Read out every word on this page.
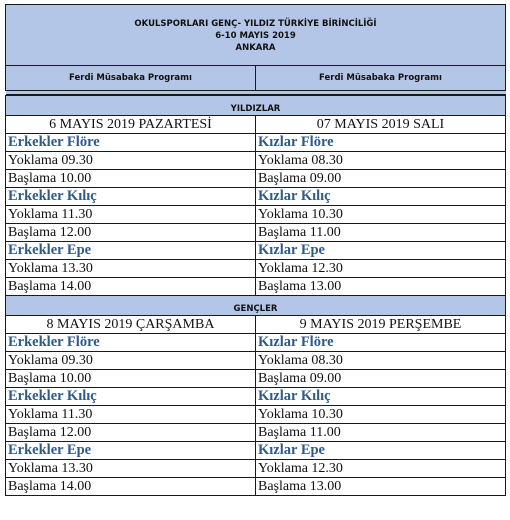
OKULSPORLARI GENÇ- YILDIZ TÜRKİYE BİRİNCİLİĞİ
6-10 MAYIS 2019
ANKARA

Ferdi Müsabaka Programı	Ferdi Müsabaka Programı

YILDIZLAR	
6 MAYIS 2019 PAZARTESİ	07 MAYIS 2019 SALI
Erkekler Flöre	Kızlar Flöre
Yoklama 09.30	Yoklama 08.30
Başlama 10.00	Başlama 09.00
Erkekler Kılıç	Kızlar Kılıç
Yoklama 11.30	Yoklama 10.30
Başlama 12.00	Başlama 11.00
Erkekler Epe	Kızlar Epe
Yoklama 13.30	Yoklama 12.30
Başlama 14.00	Başlama 13.00
GENÇLER	
8 MAYIS 2019 ÇARŞAMBA	9 MAYIS 2019 PERŞEMBE
Erkekler Flöre	Kızlar Flöre
Yoklama 09.30	Yoklama 08.30
Başlama 10.00	Başlama 09.00
Erkekler Kılıç	Kızlar Kılıç
Yoklama 11.30	Yoklama 10.30
Başlama 12.00	Başlama 11.00
Erkekler Epe	Kızlar Epe
Yoklama 13.30	Yoklama 12.30
Başlama 14.00	Başlama 13.00
